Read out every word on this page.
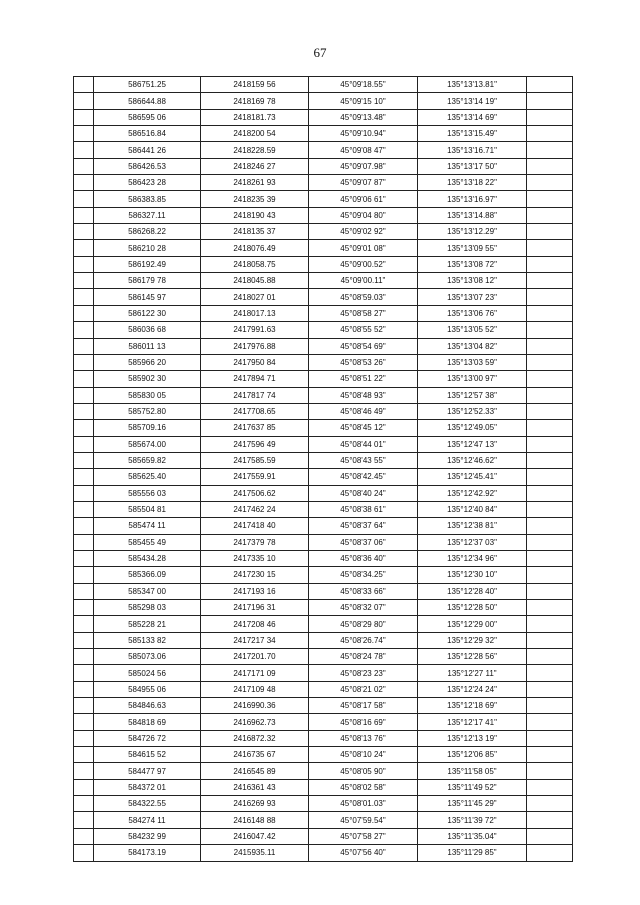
67
	586751.25	2418159 56	45°09'18.55"	135°13'13.81"	
	586644.88	2418169 78	45°09'15 10"	135°13'14 19"	
	586595 06	2418181.73	45°09'13.48"	135°13'14 69"	
	586516.84	2418200 54	45°09'10.94"	135°13'15.49"	
	586441 26	2418228.59	45°09'08 47"	135°13'16.71"	
	586426.53	2418246 27	45°09'07.98"	135°13'17 50"	
	586423 28	2418261 93	45°09'07 87"	135°13'18 22"	
	586383.85	2418235 39	45°09'06 61"	135°13'16.97"	
	586327.11	2418190 43	45°09'04 80"	135°13'14.88"	
	586268.22	2418135 37	45°09'02 92"	135°13'12.29"	
	586210 28	2418076.49	45°09'01 08"	135°13'09 55"	
	586192.49	2418058.75	45°09'00.52"	135°13'08 72"	
	586179 78	2418045.88	45°09'00.11"	135°13'08 12"	
	586145 97	2418027 01	45°08'59.03"	135°13'07 23"	
	586122 30	2418017.13	45°08'58 27"	135°13'06 76"	
	586036 68	2417991.63	45°08'55 52"	135°13'05 52"	
	586011 13	2417976.88	45°08'54 69"	135°13'04 82"	
	585966 20	2417950 84	45°08'53 26"	135°13'03 59"	
	585902 30	2417894 71	45°08'51 22"	135°13'00 97"	
	585830 05	2417817 74	45°08'48 93"	135°12'57 38"	
	585752.80	2417708.65	45°08'46 49"	135°12'52.33"	
	585709.16	2417637 85	45°08'45 12"	135°12'49.05"	
	585674.00	2417596 49	45°08'44 01"	135°12'47 13"	
	585659.82	2417585.59	45°08'43 55"	135°12'46.62"	
	585625.40	2417559.91	45°08'42.45"	135°12'45.41"	
	585556 03	2417506.62	45°08'40 24"	135°12'42.92"	
	585504 81	2417462 24	45°08'38 61"	135°12'40 84"	
	585474 11	2417418 40	45°08'37 64"	135°12'38 81"	
	585455 49	2417379 78	45°08'37 06"	135°12'37 03"	
	585434.28	2417335 10	45°08'36 40"	135°12'34 96"	
	585366.09	2417230 15	45°08'34.25"	135°12'30 10"	
	585347 00	2417193 16	45°08'33 66"	135°12'28 40"	
	585298 03	2417196 31	45°08'32 07"	135°12'28 50"	
	585228 21	2417208 46	45°08'29 80"	135°12'29 00"	
	585133 82	2417217 34	45°08'26.74"	135°12'29 32"	
	585073.06	2417201.70	45°08'24 78"	135°12'28 56"	
	585024 56	2417171 09	45°08'23 23"	135°12'27 11"	
	584955 06	2417109 48	45°08'21 02"	135°12'24 24"	
	584846.63	2416990.36	45°08'17 58"	135°12'18 69"	
	584818 69	2416962.73	45°08'16 69"	135°12'17 41"	
	584726 72	2416872.32	45°08'13 76"	135°12'13 19"	
	584615 52	2416735 67	45°08'10 24"	135°12'06 85"	
	584477 97	2416545 89	45°08'05 90"	135°11'58 05"	
	584372 01	2416361 43	45°08'02 58"	135°11'49 52"	
	584322.55	2416269 93	45°08'01.03"	135°11'45 29"	
	584274 11	2416148 88	45°07'59.54"	135°11'39 72"	
	584232 99	2416047.42	45°07'58 27"	135°11'35.04"	
	584173.19	2415935.11	45°07'56 40"	135°11'29 85"	
